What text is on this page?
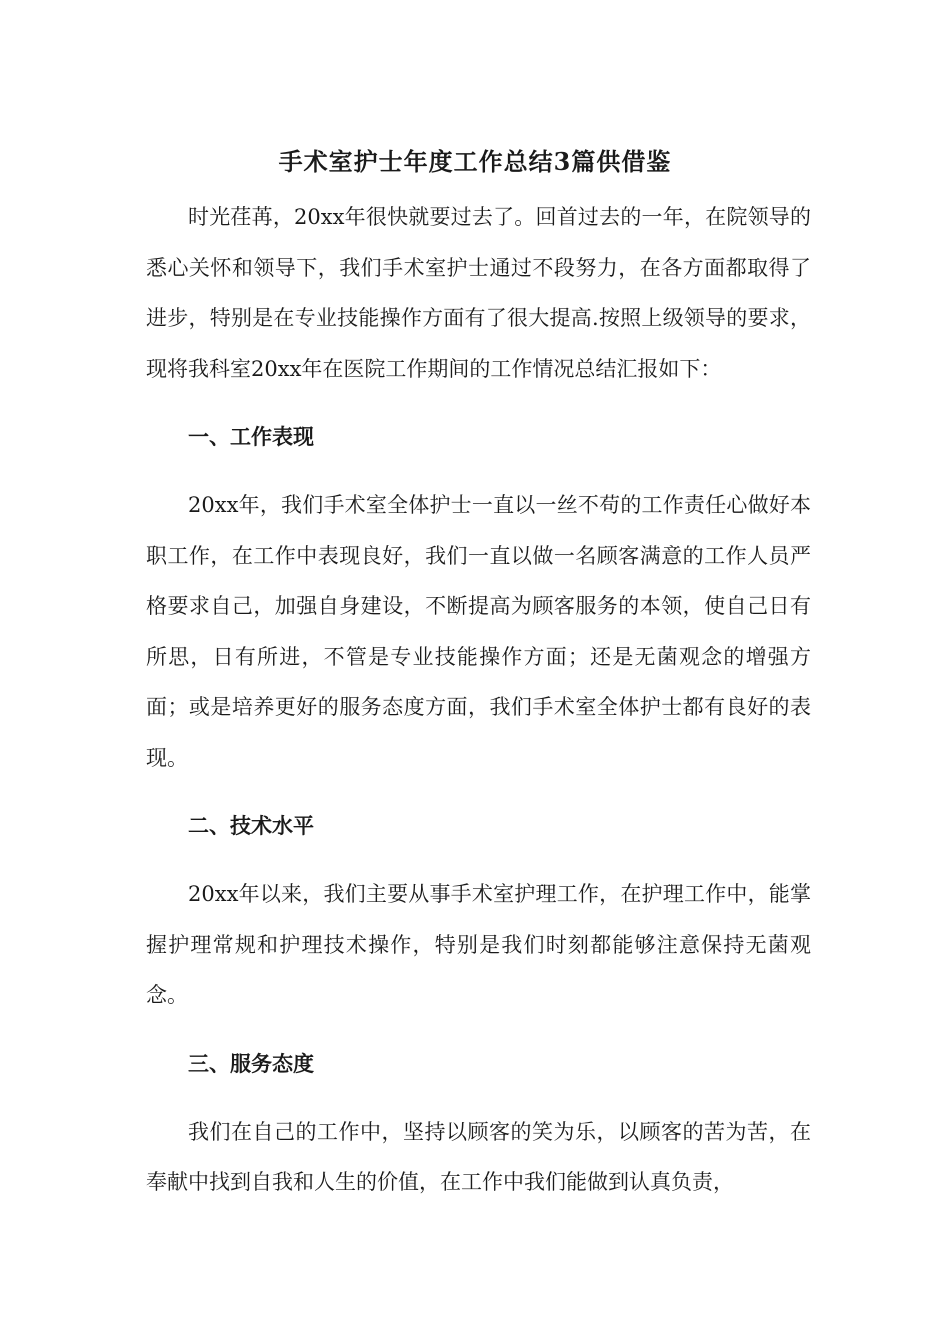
手术室护士年度工作总结3篇供借鉴

时光荏苒，20xx年很快就要过去了。回首过去的一年，在院领导的悉心关怀和领导下，我们手术室护士通过不段努力，在各方面都取得了进步，特别是在专业技能操作方面有了很大提高.按照上级领导的要求，现将我科室20xx年在医院工作期间的工作情况总结汇报如下：

一、工作表现

20xx年，我们手术室全体护士一直以一丝不苟的工作责任心做好本职工作，在工作中表现良好，我们一直以做一名顾客满意的工作人员严格要求自己，加强自身建设，不断提高为顾客服务的本领，使自己日有所思，日有所进，不管是专业技能操作方面；还是无菌观念的增强方面；或是培养更好的服务态度方面，我们手术室全体护士都有良好的表现。

二、技术水平

20xx年以来，我们主要从事手术室护理工作，在护理工作中，能掌握护理常规和护理技术操作，特别是我们时刻都能够注意保持无菌观念。

三、服务态度

我们在自己的工作中，坚持以顾客的笑为乐，以顾客的苦为苦，在奉献中找到自我和人生的价值，在工作中我们能做到认真负责，
